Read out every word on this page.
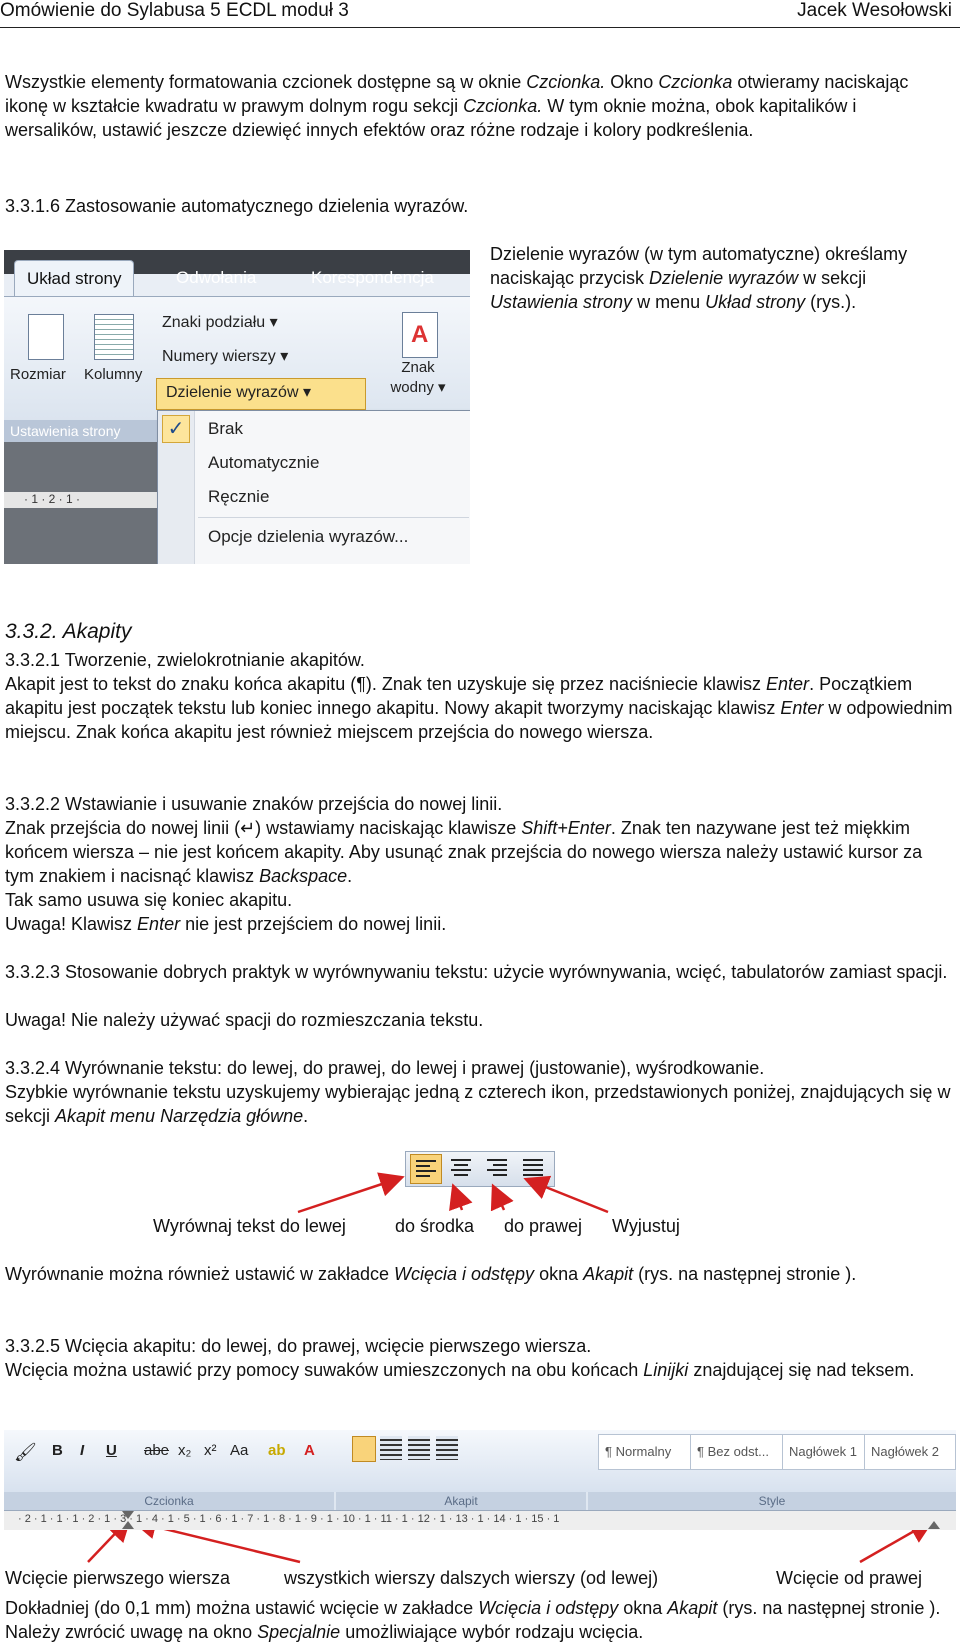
Omówienie do Sylabusa 5 ECDL moduł 3	Jacek Wesołowski

Wszystkie elementy formatowania czcionek dostępne są w oknie Czcionka. Okno Czcionka otwieramy naciskając ikonę w kształcie kwadratu w prawym dolnym rogu sekcji Czcionka. W tym oknie można, obok kapitalików i wersalików, ustawić jeszcze dziewięć innych efektów oraz różne rodzaje i kolory podkreślenia.

3.3.1.6 Zastosowanie automatycznego dzielenia wyrazów.

Dzielenie wyrazów (w tym automatyczne) określamy naciskając przycisk Dzielenie wyrazów w sekcji Ustawienia strony w menu Układ strony (rys.).

Układ strony	Odwołania	Korespondencja
Rozmiar Kolumny
Znaki podziału ▾
Numery wierszy ▾
Dzielenie wyrazów ▾
A
Znak wodny ▾
Ustawienia strony
· 1 · 2 · 1 ·
✓	Brak
Automatycznie
Ręcznie
Opcje dzielenia wyrazów...
3.3.2. Akapity
3.3.2.1 Tworzenie, zwielokrotnianie akapitów.

Akapit jest to tekst do znaku końca akapitu (¶). Znak ten uzyskuje się przez naciśniecie klawisz Enter. Początkiem akapitu jest początek tekstu lub koniec innego akapitu. Nowy akapit tworzymy naciskając klawisz Enter w odpowiednim miejscu. Znak końca akapitu jest również miejscem przejścia do nowego wiersza.

3.3.2.2 Wstawianie i usuwanie znaków przejścia do nowej linii.

Znak przejścia do nowej linii (↵) wstawiamy naciskając klawisze Shift+Enter. Znak ten nazywane jest też miękkim końcem wiersza – nie jest końcem akapity. Aby usunąć znak przejścia do nowego wiersza należy ustawić kursor za tym znakiem i nacisnąć klawisz Backspace.

Tak samo usuwa się koniec akapitu.

Uwaga! Klawisz Enter nie jest przejściem do nowej linii.

3.3.2.3 Stosowanie dobrych praktyk w wyrównywaniu tekstu: użycie wyrównywania, wcięć, tabulatorów zamiast spacji.
Uwaga! Nie należy używać spacji do rozmieszczania tekstu.
3.3.2.4 Wyrównanie tekstu: do lewej, do prawej, do lewej i prawej (justowanie), wyśrodkowanie.

Szybkie wyrównanie tekstu uzyskujemy wybierając jedną z czterech ikon, przedstawionych poniżej, znajdujących się w sekcji Akapit menu Narzędzia główne.

Wyrównaj tekst do lewej	do środka do prawej Wyjustuj

Wyrównanie można również ustawić w zakładce Wcięcia i odstępy okna Akapit (rys. na następnej stronie ).

3.3.2.5 Wcięcia akapitu: do lewej, do prawej, wcięcie pierwszego wiersza.

Wcięcia można ustawić przy pomocy suwaków umieszczonych na obu końcach Linijki znajdującej się nad teksem.

🖌 B I U abe x₂ x² Aa ab A	¶ Normalny	¶ Bez odst...	Nagłówek 1	Nagłówek 2
Czcionka	Akapit	Style
· 2 · 1 · 1 · 1 · 2 · 1 · 3 · 1 · 4 · 1 · 5 · 1 · 6 · 1 · 7 · 1 · 8 · 1 · 9 · 1 · 10 · 1 · 11 · 1 · 12 · 1 · 13 · 1 · 14 · 1 · 15 · 1
Wcięcie pierwszego wiersza	wszystkich wierszy dalszych wierszy (od lewej)	Wcięcie od prawej

Dokładniej (do 0,1 mm) można ustawić wcięcie w zakładce Wcięcia i odstępy okna Akapit (rys. na następnej stronie ). Należy zwrócić uwagę na okno Specjalnie umożliwiające wybór rodzaju wcięcia.
